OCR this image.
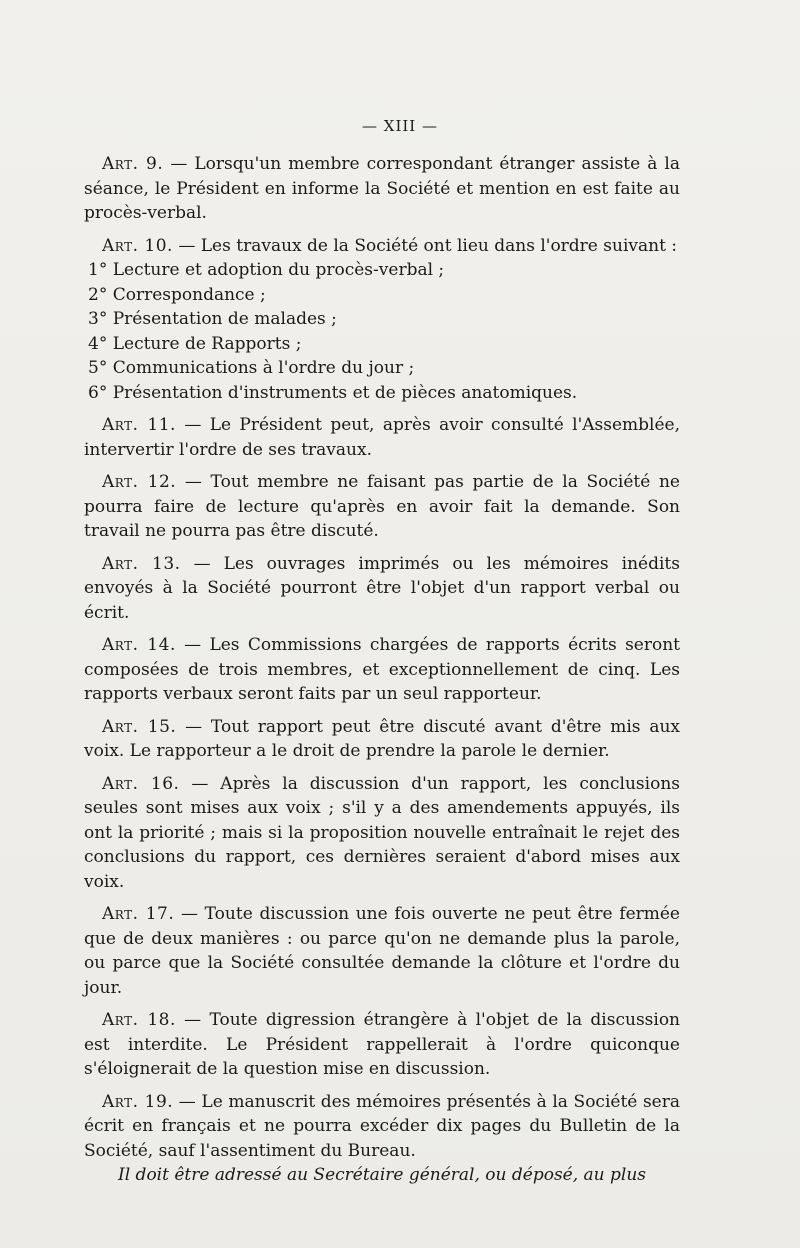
— XIII —

Art. 9. — Lorsqu'un membre correspondant étranger assiste à la séance, le Président en informe la Société et mention en est faite au procès-verbal.

Art. 10. — Les travaux de la Société ont lieu dans l'ordre suivant :

1° Lecture et adoption du procès-verbal ;
2° Correspondance ;
3° Présentation de malades ;
4° Lecture de Rapports ;
5° Communications à l'ordre du jour ;
6° Présentation d'instruments et de pièces anatomiques.

Art. 11. — Le Président peut, après avoir consulté l'Assemblée, intervertir l'ordre de ses travaux.

Art. 12. — Tout membre ne faisant pas partie de la Société ne pourra faire de lecture qu'après en avoir fait la demande. Son travail ne pourra pas être discuté.

Art. 13. — Les ouvrages imprimés ou les mémoires inédits envoyés à la Société pourront être l'objet d'un rapport verbal ou écrit.

Art. 14. — Les Commissions chargées de rapports écrits seront composées de trois membres, et exceptionnellement de cinq. Les rapports verbaux seront faits par un seul rapporteur.

Art. 15. — Tout rapport peut être discuté avant d'être mis aux voix. Le rapporteur a le droit de prendre la parole le dernier.

Art. 16. — Après la discussion d'un rapport, les conclusions seules sont mises aux voix ; s'il y a des amendements appuyés, ils ont la priorité ; mais si la proposition nouvelle entraînait le rejet des conclusions du rapport, ces dernières seraient d'abord mises aux voix.

Art. 17. — Toute discussion une fois ouverte ne peut être fermée que de deux manières : ou parce qu'on ne demande plus la parole, ou parce que la Société consultée demande la clôture et l'ordre du jour.

Art. 18. — Toute digression étrangère à l'objet de la discussion est interdite. Le Président rappellerait à l'ordre quiconque s'éloignerait de la question mise en discussion.

Art. 19. — Le manuscrit des mémoires présentés à la Société sera écrit en français et ne pourra excéder dix pages du Bulletin de la Société, sauf l'assentiment du Bureau.

Il doit être adressé au Secrétaire général, ou déposé, au plus
